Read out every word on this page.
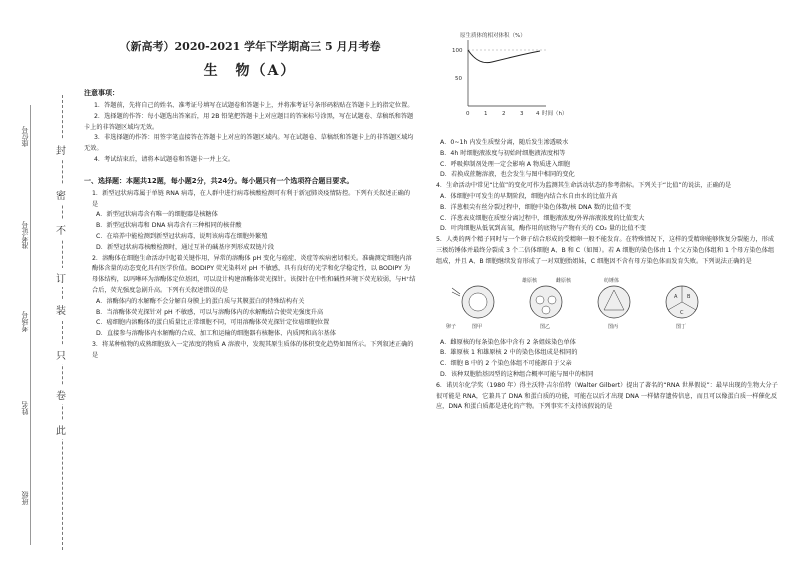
封
密
不
订
装
只
卷
此
座位号
准考证号
考场号
姓名
班级
（新高考）2020-2021 学年下学期高三 5 月月考卷
生　物（A）
注意事项：

1．答题前，先将自己的姓名、准考证号填写在试题卷和答题卡上，并将准考证号条形码粘贴在答题卡上的指定位置。

2．选择题的作答：每小题选出答案后，用 2B 铅笔把答题卡上对应题目的答案标号涂黑，写在试题卷、草稿纸和答题卡上的非答题区域均无效。

3．非选择题的作答：用签字笔直接答在答题卡上对应的答题区域内。写在试题卷、草稿纸和答题卡上的非答题区域均无效。

4．考试结束后，请将本试题卷和答题卡一并上交。

一、选择题：本题共12题，每小题2分，共24分。每小题只有一个选项符合题目要求。

1．新型冠状病毒属于单链 RNA 病毒，在人群中进行病毒核酸检测可有利于新冠肺炎疫情防控。下列有关叙述正确的是

A．新型冠状病毒含有唯一的细胞器是核糖体

B．新型冠状病毒和 DNA 病毒含有三种相同的核苷酸

C．在培养中能检测到新型冠状病毒，说明该病毒在细胞外繁殖

D．新型冠状病毒核酸检测时，通过互补的碱基序列形成双链片段

2．溶酶体在细胞生命活动中起着关键作用，异常的溶酶体 pH 变化与癌症、炎症等疾病密切相关。准确测定细胞内溶酶体含量的动态变化具有医学价值。BODIPY 荧光染料对 pH 不敏感，具有良好的光学和化学稳定性，以 BODIPY 为母体结构，以吗啉环为溶酶体定位基团，可以设计构建溶酶体荧光探针。该探针在中性和碱性环境下荧光较弱，与H⁺结合后，荧光强度急剧升高。下列有关叙述错误的是

A．溶酶体内的水解酶不会分解自身膜上的蛋白质与其膜蛋白的特殊结构有关

B．当溶酶体荧光探针对 pH 不敏感，可以与溶酶体内的水解酶结合使荧光强度升高

C．癌细胞内溶酶体的蛋白质量比正常细胞不同，可用溶酶体荧光探针定位癌细胞位置

D．直接参与溶酶体内水解酶的合成、加工和运输的细胞器有核糖体、内质网和高尔基体

3．将某种植物的成熟细胞放入一定浓度的物质 A 溶液中，发现其原生质体的体积变化趋势如图所示。下列叙述正确的是

原生质体的相对体积（%）
100
50
0	1	2	3 4 时间（h）

A．0~1h 内发生质壁分离，随后发生渗透吸水

B．4h 时细胞液浓度与初始时细胞液浓度相等

C．呼吸抑制剂处理一定会影响 A 物质进入细胞

D．若换成蔗糖溶液，也会发生与图中相同的变化

4．生命活动中常见“比值”的变化可作为监测其生命活动状态的参考指标。下列关于“比值”的说法，正确的是

A．体细胞中可发生的早期阶段，细胞内结合水自由水的比值升高

B．洋葱根尖有丝分裂过程中，细胞中染色体数/核 DNA 数的比值不变

C．洋葱表皮细胞在质壁分离过程中，细胞液浓度/外界溶液浓度的比值变大

D．叶肉细胞从低氧到高氧，酶作用的底物与产物有关的 CO₂ 量的比值不变

5．人类的两个精子同时与一个卵子结合形成的受精卵一般不能发育。在特殊情况下，这样的受精卵能够恢复分裂能力，形成三极纺锤体并最终分裂成 3 个二倍体细胞 A、B 和 C（如图）。若 A 细胞的染色体由 1 个父方染色体组和 1 个母方染色体组组成，并且 A、B 细胞继续发育形成了一对双胞胎姐妹，C 细胞因不含有母方染色体而发育失败。下列说法正确的是

卵子	图甲
雄原核	雌原核
图乙
纺锤体
图丙
A B
C
图丁

A．雌原核的每条染色体中含有 2 条姐妹染色单体

B．雄原核 1 和雄原核 2 中的染色体组成是相同的

C．细胞 B 中的 2 个染色体组不可能源自于父亲

D．该种双胞胎基因型的这种组合概率可能与图中的相同

6．诺贝尔化学奖（1980 年）得主沃特·吉尔伯特（Walter Gilbert）提出了著名的“RNA 世界假说”：最早出现的生物大分子很可能是 RNA，它兼具了 DNA 和蛋白质的功能，可能在以后才出现 DNA 一样储存遗传信息，而且可以像蛋白质一样催化反应，DNA 和蛋白质都是进化的产物。下列事实不支持该假说的是
